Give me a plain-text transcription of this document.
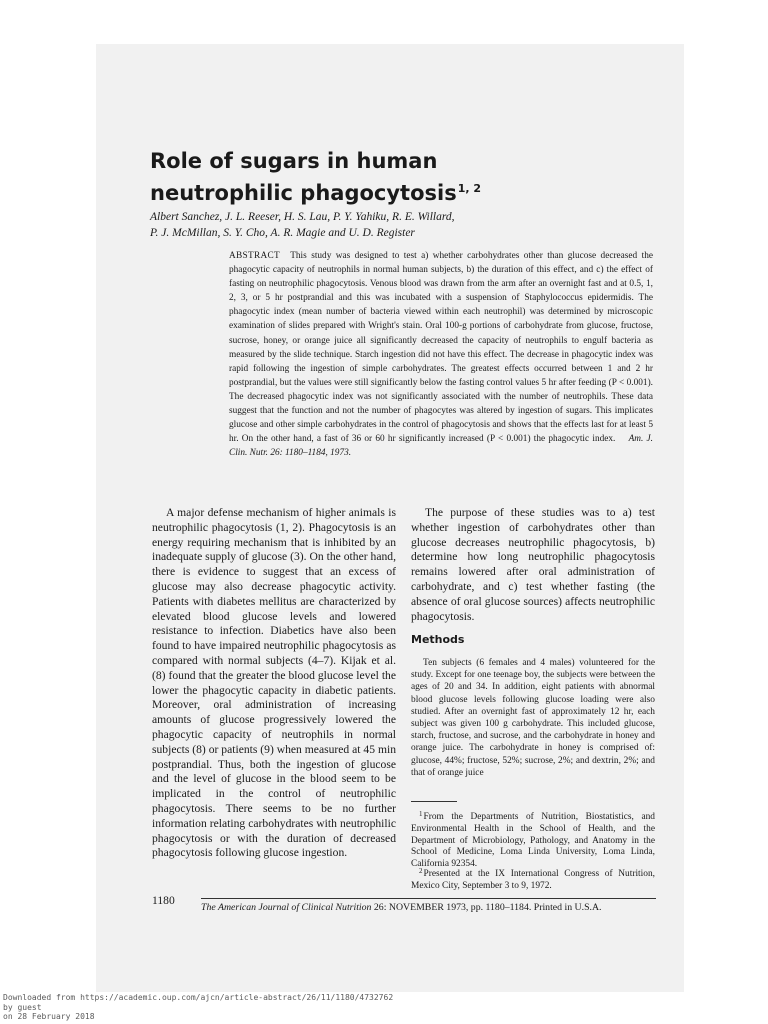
Role of sugars in human neutrophilic phagocytosis$^{1, 2}$

Albert Sanchez, J. L. Reeser, H. S. Lau, P. Y. Yahiku, R. E. Willard,
P. J. McMillan, S. Y. Cho, A. R. Magie and U. D. Register

ABSTRACT This study was designed to test a) whether carbohydrates other than glucose decreased the phagocytic capacity of neutrophils in normal human subjects, b) the duration of this effect, and c) the effect of fasting on neutrophilic phagocytosis. Venous blood was drawn from the arm after an overnight fast and at 0.5, 1, 2, 3, or 5 hr postprandial and this was incubated with a suspension of Staphylococcus epidermidis. The phagocytic index (mean number of bacteria viewed within each neutrophil) was determined by microscopic examination of slides prepared with Wright's stain. Oral 100-g portions of carbohydrate from glucose, fructose, sucrose, honey, or orange juice all significantly decreased the capacity of neutrophils to engulf bacteria as measured by the slide technique. Starch ingestion did not have this effect. The decrease in phagocytic index was rapid following the ingestion of simple carbohydrates. The greatest effects occurred between 1 and 2 hr postprandial, but the values were still significantly below the fasting control values 5 hr after feeding (P < 0.001). The decreased phagocytic index was not significantly associated with the number of neutrophils. These data suggest that the function and not the number of phagocytes was altered by ingestion of sugars. This implicates glucose and other simple carbohydrates in the control of phagocytosis and shows that the effects last for at least 5 hr. On the other hand, a fast of 36 or 60 hr significantly increased (P < 0.001) the phagocytic index. Am. J. Clin. Nutr. 26: 1180–1184, 1973.

A major defense mechanism of higher animals is neutrophilic phagocytosis (1, 2). Phagocytosis is an energy requiring mechanism that is inhibited by an inadequate supply of glucose (3). On the other hand, there is evidence to suggest that an excess of glucose may also decrease phagocytic activity. Patients with diabetes mellitus are characterized by elevated blood glucose levels and lowered resistance to infection. Diabetics have also been found to have impaired neutrophilic phagocytosis as compared with normal subjects (4–7). Kijak et al. (8) found that the greater the blood glucose level the lower the phagocytic capacity in diabetic patients. Moreover, oral administration of increasing amounts of glucose progressively lowered the phagocytic capacity of neutrophils in normal subjects (8) or patients (9) when measured at 45 min postprandial. Thus, both the ingestion of glucose and the level of glucose in the blood seem to be implicated in the control of neutrophilic phagocytosis. There seems to be no further information relating carbohydrates with neutrophilic phagocytosis or with the duration of decreased phagocytosis following glucose ingestion.

The purpose of these studies was to a) test whether ingestion of carbohydrates other than glucose decreases neutrophilic phagocytosis, b) determine how long neutrophilic phagocytosis remains lowered after oral administration of carbohydrate, and c) test whether fasting (the absence of oral glucose sources) affects neutrophilic phagocytosis.

Methods

Ten subjects (6 females and 4 males) volunteered for the study. Except for one teenage boy, the subjects were between the ages of 20 and 34. In addition, eight patients with abnormal blood glucose levels following glucose loading were also studied. After an overnight fast of approximately 12 hr, each subject was given 100 g carbohydrate. This included glucose, starch, fructose, and sucrose, and the carbohydrate in honey and orange juice. The carbohydrate in honey is comprised of: glucose, 44%; fructose, 52%; sucrose, 2%; and dextrin, 2%; and that of orange juice

$^1$From the Departments of Nutrition, Biostatistics, and Environmental Health in the School of Health, and the Department of Microbiology, Pathology, and Anatomy in the School of Medicine, Loma Linda University, Loma Linda, California 92354.

$^2$Presented at the IX International Congress of Nutrition, Mexico City, September 3 to 9, 1972.

1180

The American Journal of Clinical Nutrition 26: NOVEMBER 1973, pp. 1180–1184. Printed in U.S.A.

Downloaded from https://academic.oup.com/ajcn/article-abstract/26/11/1180/4732762
by guest
on 28 February 2018
